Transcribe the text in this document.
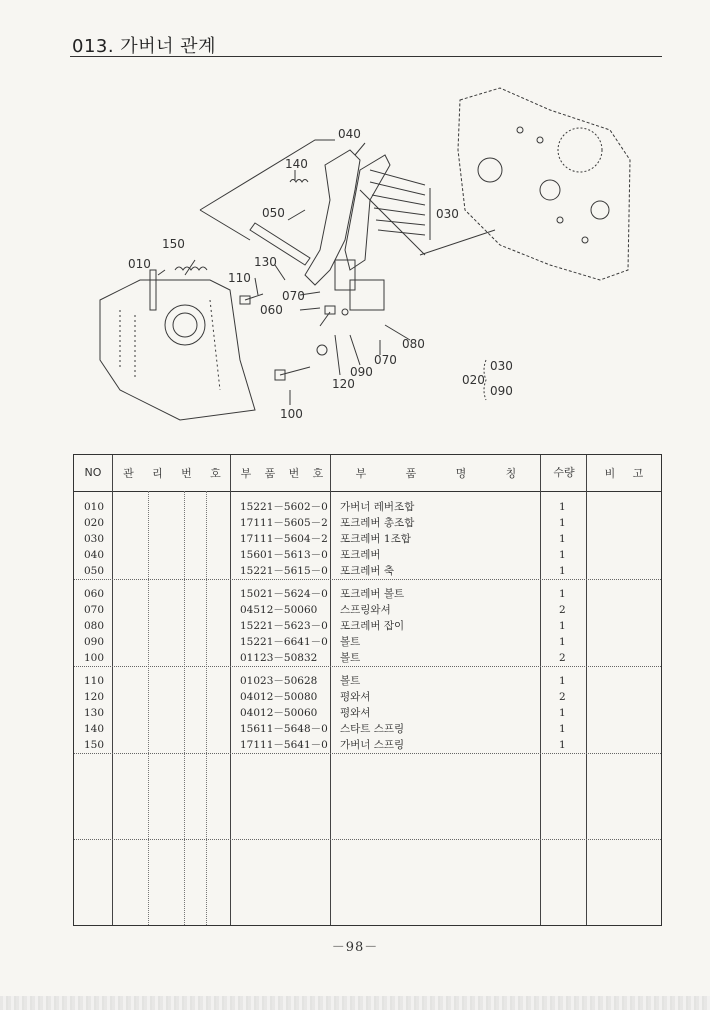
013. 가버너 관계
040
140
050	030
150
010	130
110
070
060
080
070
090
120
100
020
030
090
NO	관 리 번 호 부 품 번 호	부	품	명	칭	수량	비 고
010	15221－5602－0 가버너 레버조합	1
020	17111－5605－2 포크레버 총조합	1
030	17111－5604－2 포크레버 1조합	1
040	15601－5613－0 포크레버	1
050	15221－5615－0 포크레버 축	1
060	15021－5624－0 포크레버 볼트	1
070	04512－50060 스프링와셔	2
080	15221－5623－0 포크레버 잡이	1
090	15221－6641－0 볼트	1
100	01123－50832 볼트	2
110	01023－50628 볼트	1
120	04012－50080 평와셔	2
130	04012－50060 평와셔	1
140	15611－5648－0 스타트 스프링	1
150	17111－5641－0 가버너 스프링	1
－98－
